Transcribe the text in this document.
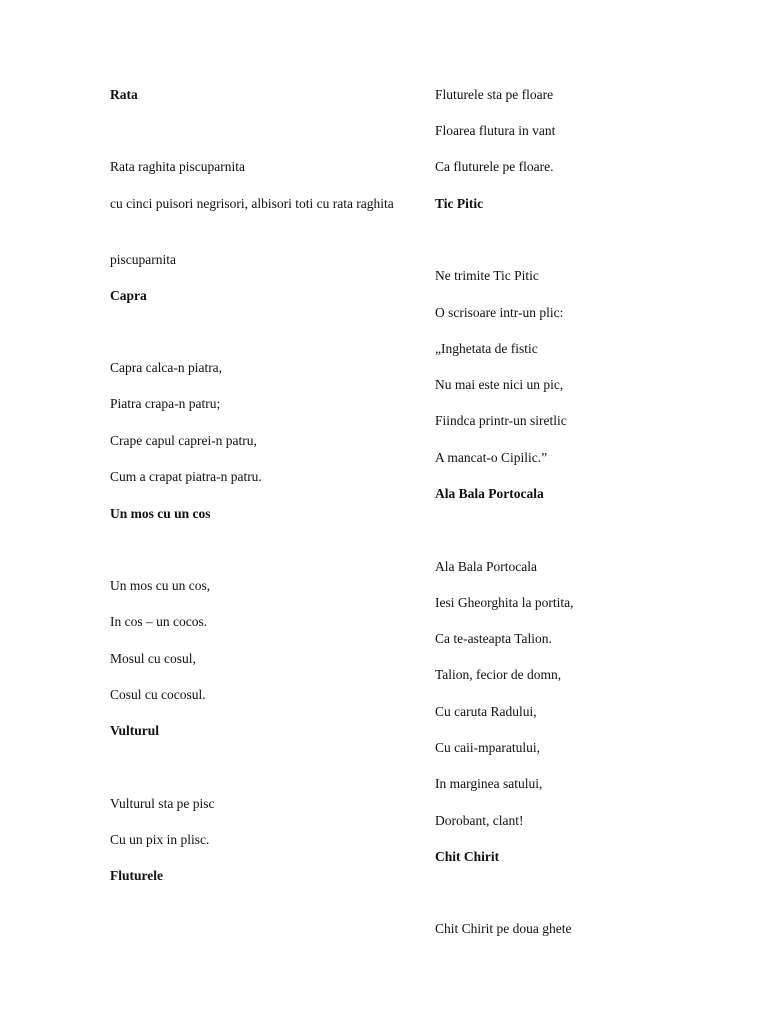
Rata

Rata raghita piscuparnita

cu cinci puisori negrisori, albisori toti cu rata raghita

piscuparnita

Capra

Capra calca-n piatra,

Piatra crapa-n patru;

Crape capul caprei-n patru,

Cum a crapat piatra-n patru.

Un mos cu un cos

Un mos cu un cos,

In cos – un cocos.

Mosul cu cosul,

Cosul cu cocosul.

Vulturul

Vulturul sta pe pisc

Cu un pix in plisc.

Fluturele

Fluturele sta pe floare

Floarea flutura in vant

Ca fluturele pe floare.

Tic Pitic

Ne trimite Tic Pitic

O scrisoare intr-un plic:

„Inghetata de fistic

Nu mai este nici un pic,

Fiindca printr-un siretlic

A mancat-o Cipilic.”

Ala Bala Portocala

Ala Bala Portocala

Iesi Gheorghita la portita,

Ca te-asteapta Talion.

Talion, fecior de domn,

Cu caruta Radului,

Cu caii-mparatului,

In marginea satului,

Dorobant, clant!

Chit Chirit

Chit Chirit pe doua ghete
